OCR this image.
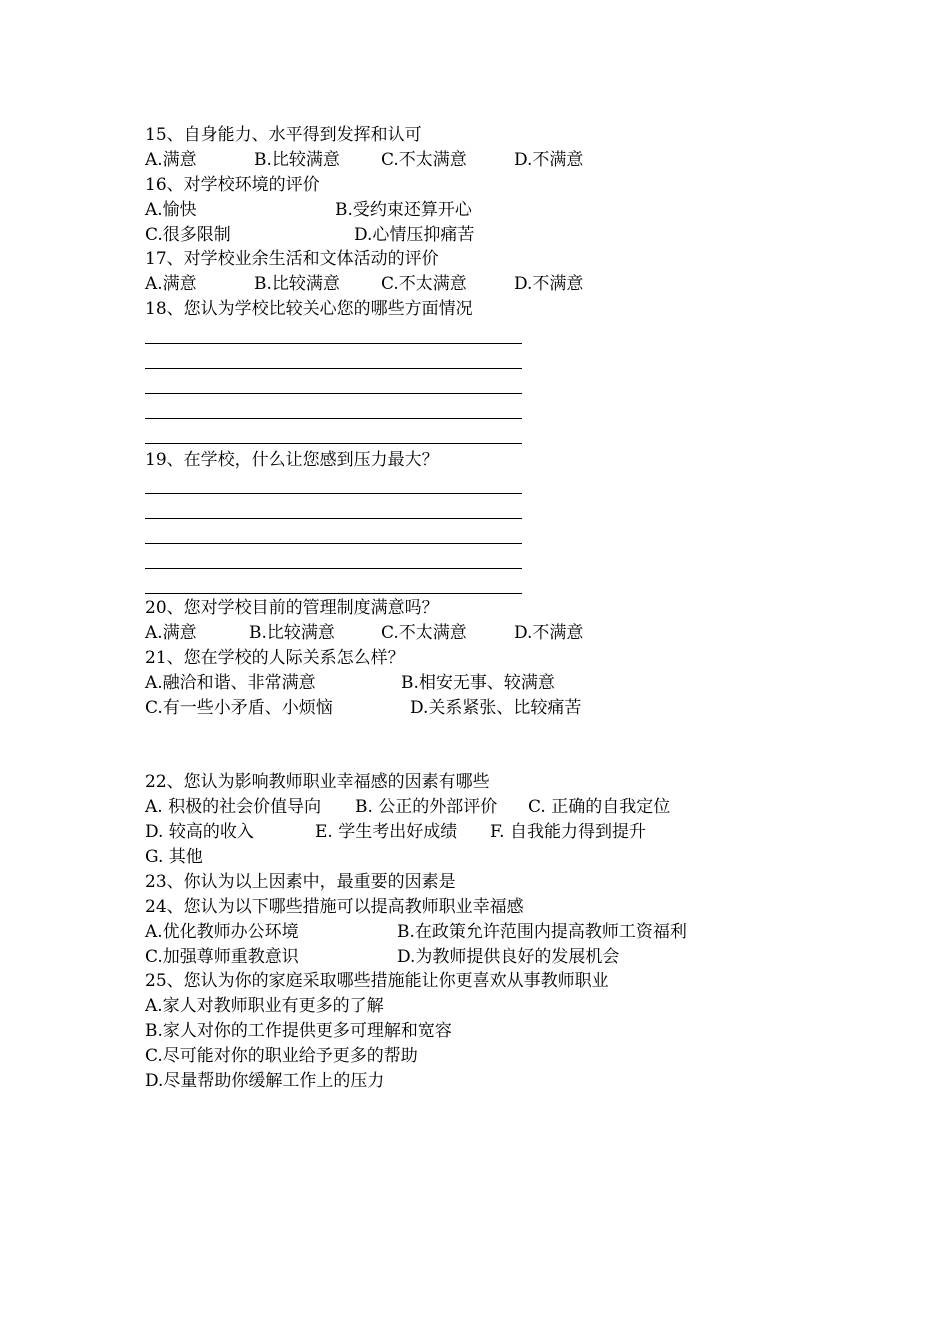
15、自身能力、水平得到发挥和认可
A.满意	B.比较满意 C.不太满意	D.不满意
16、对学校环境的评价
A.愉快	B.受约束还算开心
C.很多限制	D.心情压抑痛苦
17、对学校业余生活和文体活动的评价
A.满意	B.比较满意 C.不太满意	D.不满意
18、您认为学校比较关心您的哪些方面情况
19、在学校，什么让您感到压力最大？
20、您对学校目前的管理制度满意吗？
A.满意	B.比较满意	C.不太满意	D.不满意
21、您在学校的人际关系怎么样？
A.融洽和谐、非常满意	B.相安无事、较满意
C.有一些小矛盾、小烦恼	D.关系紧张、比较痛苦
22、您认为影响教师职业幸福感的因素有哪些
A. 积极的社会价值导向 B. 公正的外部评价 C. 正确的自我定位
D. 较高的收入	E. 学生考出好成绩 F. 自我能力得到提升
G. 其他
23、你认为以上因素中，最重要的因素是
24、您认为以下哪些措施可以提高教师职业幸福感
A.优化教师办公环境	B.在政策允许范围内提高教师工资福利
C.加强尊师重教意识	D.为教师提供良好的发展机会
25、您认为你的家庭采取哪些措施能让你更喜欢从事教师职业
A.家人对教师职业有更多的了解
B.家人对你的工作提供更多可理解和宽容
C.尽可能对你的职业给予更多的帮助
D.尽量帮助你缓解工作上的压力
